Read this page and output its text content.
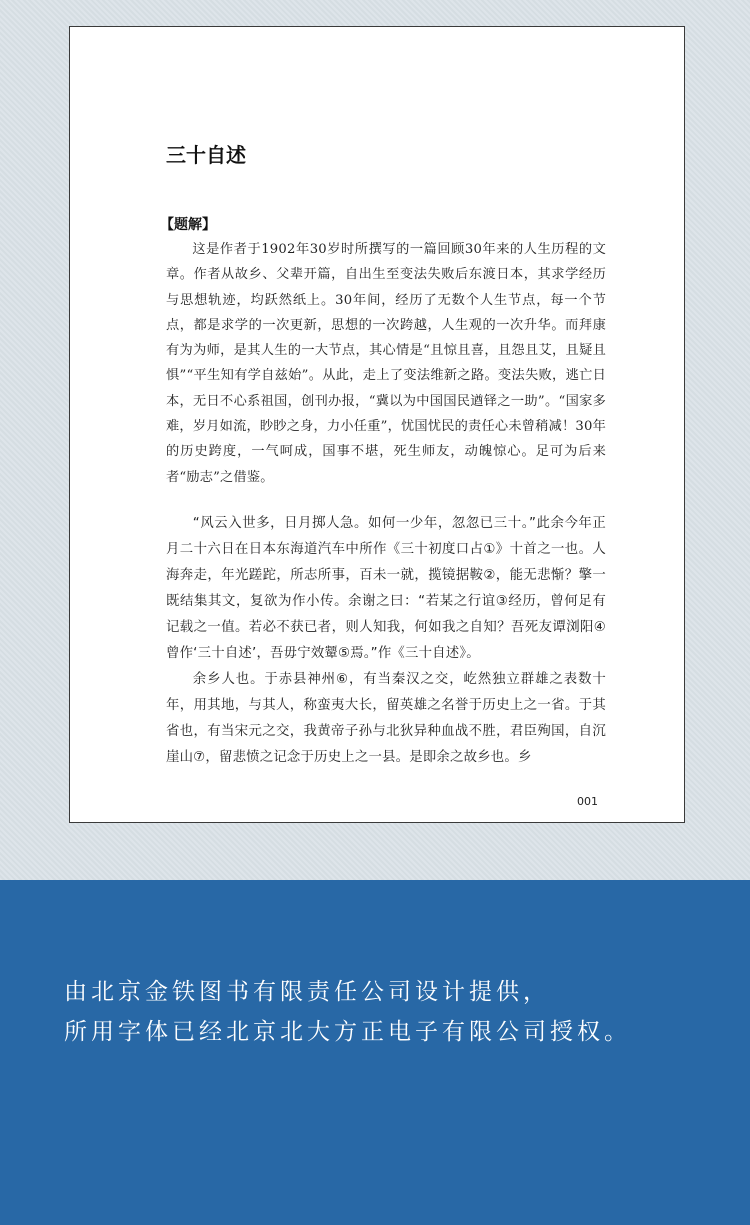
三十自述
【题解】

这是作者于1902年30岁时所撰写的一篇回顾30年来的人生历程的文章。作者从故乡、父辈开篇，自出生至变法失败后东渡日本，其求学经历与思想轨迹，均跃然纸上。30年间，经历了无数个人生节点，每一个节点，都是求学的一次更新，思想的一次跨越，人生观的一次升华。而拜康有为为师，是其人生的一大节点，其心情是“且惊且喜，且怨且艾，且疑且惧”“平生知有学自兹始”。从此，走上了变法维新之路。变法失败，逃亡日本，无日不心系祖国，创刊办报，“冀以为中国国民遒铎之一助”。“国家多难，岁月如流，眇眇之身，力小任重”，忧国忧民的责任心未曾稍减！30年的历史跨度，一气呵成，国事不堪，死生师友，动魄惊心。足可为后来者“励志”之借鉴。

“风云入世多，日月掷人急。如何一少年，忽忽已三十。”此余今年正月二十六日在日本东海道汽车中所作《三十初度口占①》十首之一也。人海奔走，年光蹉跎，所志所事，百未一就，揽镜据鞍②，能无悲惭？擎一既结集其文，复欲为作小传。余谢之曰：“若某之行谊③经历，曾何足有记载之一值。若必不获已者，则人知我，何如我之自知？吾死友谭浏阳④曾作‘三十自述’，吾毋宁效颦⑤焉。”作《三十自述》。

余乡人也。于赤县神州⑥，有当秦汉之交，屹然独立群雄之表数十年，用其地，与其人，称蛮夷大长，留英雄之名誉于历史上之一省。于其省也，有当宋元之交，我黄帝子孙与北狄异种血战不胜，君臣殉国，自沉崖山⑦，留悲愤之记念于历史上之一县。是即余之故乡也。乡

001

由北京金铁图书有限责任公司设计提供，

所用字体已经北京北大方正电子有限公司授权。
